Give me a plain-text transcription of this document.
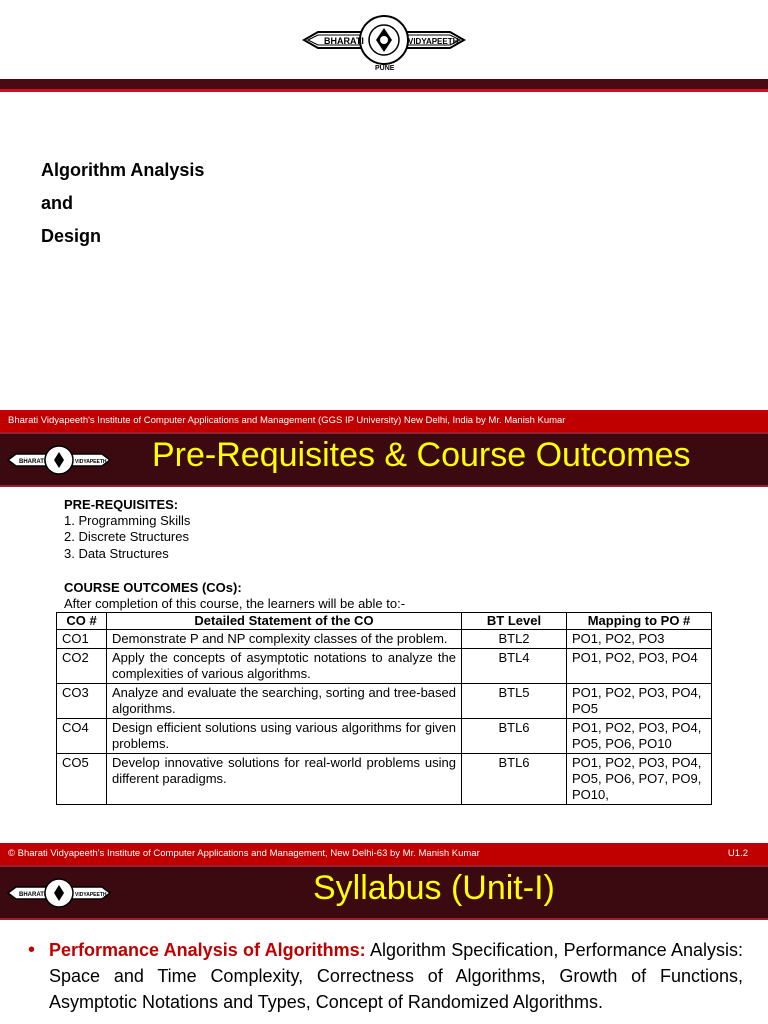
BHARATI	VIDYAPEETH
PUNE
Algorithm Analysis
and
Design
Bharati Vidyapeeth's Institute of Computer Applications and Management (GGS IP University) New Delhi, India by Mr. Manish Kumar
BHARATI	VIDYAPEETH Pre-Requisites & Course Outcomes
PRE-REQUISITES:
1. Programming Skills
2. Discrete Structures
3. Data Structures
COURSE OUTCOMES (COs):
After completion of this course, the learners will be able to:-
CO #	Detailed Statement of the CO	BT Level	Mapping to PO #
CO1	Demonstrate P and NP complexity classes of the problem.	BTL2	PO1, PO2, PO3
CO2	Apply the concepts of asymptotic notations to analyze the complexities of various algorithms.	BTL4	PO1, PO2, PO3, PO4
CO3	Analyze and evaluate the searching, sorting and tree-based algorithms.	BTL5	PO1, PO2, PO3, PO4, PO5
CO4	Design efficient solutions using various algorithms for given problems.	BTL6	PO1, PO2, PO3, PO4, PO5, PO6, PO10
CO5	Develop innovative solutions for real-world problems using different paradigms.	BTL6	PO1, PO2, PO3, PO4, PO5, PO6, PO7, PO9, PO10,
© Bharati Vidyapeeth's Institute of Computer Applications and Management, New Delhi-63 by Mr. Manish Kumar	U1.2
BHARATI	VIDYAPEETH	Syllabus (Unit-I)
• Performance Analysis of Algorithms: Algorithm Specification, Performance Analysis: Space and Time Complexity, Correctness of Algorithms, Growth of Functions, Asymptotic Notations and Types, Concept of Randomized Algorithms.
